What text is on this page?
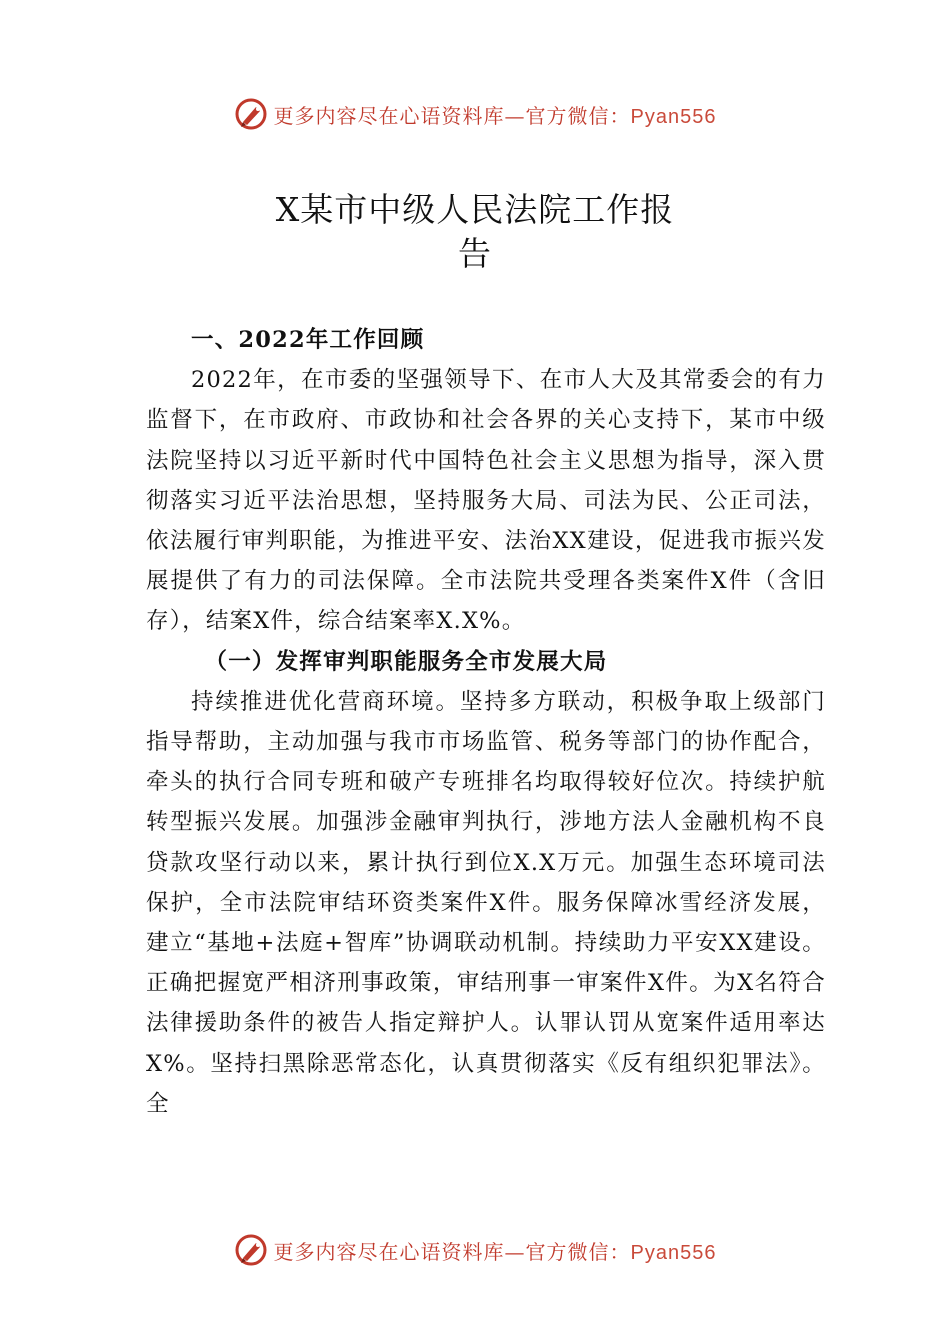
更多内容尽在心语资料库—官方微信：Pyan556
X某市中级人民法院工作报
告

一、2022年工作回顾

2022年，在市委的坚强领导下、在市人大及其常委会的有力监督下，在市政府、市政协和社会各界的关心支持下，某市中级法院坚持以习近平新时代中国特色社会主义思想为指导，深入贯彻落实习近平法治思想，坚持服务大局、司法为民、公正司法，依法履行审判职能，为推进平安、法治XX建设，促进我市振兴发展提供了有力的司法保障。全市法院共受理各类案件X件（含旧存），结案X件，综合结案率X.X%。

（一）发挥审判职能服务全市发展大局

持续推进优化营商环境。坚持多方联动，积极争取上级部门指导帮助，主动加强与我市市场监管、税务等部门的协作配合，牵头的执行合同专班和破产专班排名均取得较好位次。持续护航转型振兴发展。加强涉金融审判执行，涉地方法人金融机构不良贷款攻坚行动以来，累计执行到位X.X万元。加强生态环境司法保护，全市法院审结环资类案件X件。服务保障冰雪经济发展，建立“基地+法庭+智库”协调联动机制。持续助力平安XX建设。正确把握宽严相济刑事政策，审结刑事一审案件X件。为X名符合法律援助条件的被告人指定辩护人。认罪认罚从宽案件适用率达X%。坚持扫黑除恶常态化，认真贯彻落实《反有组织犯罪法》。全

更多内容尽在心语资料库—官方微信：Pyan556
